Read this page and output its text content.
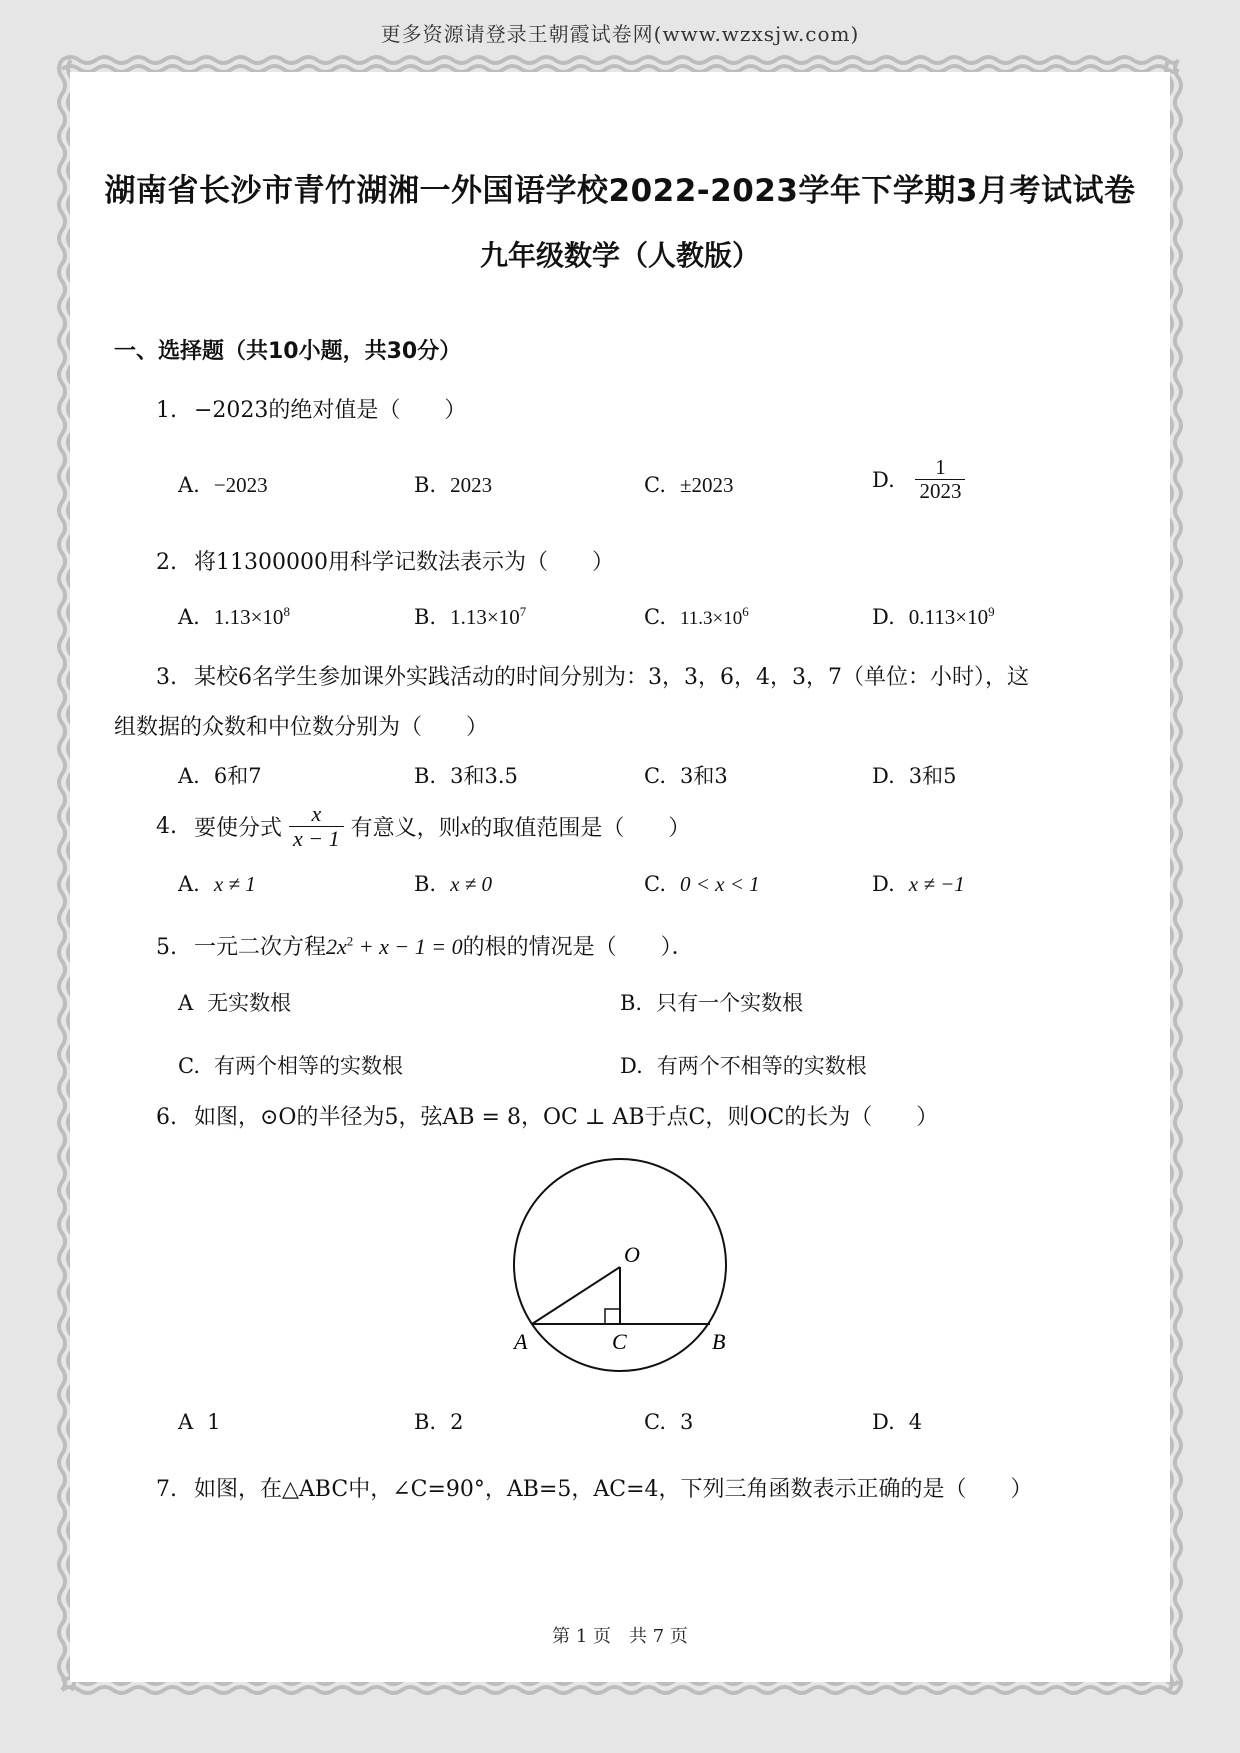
更多资源请登录王朝霞试卷网(www.wzxsjw.com)
湖南省长沙市青竹湖湘一外国语学校2022-2023学年下学期3月考试试卷
九年级数学（人教版）
一、选择题（共10小题，共30分）
1. −2023的绝对值是（　　）
A. −2023	B. 2023	C. ±2023	D. $\frac{1}{2023}$
2. 将11300000用科学记数法表示为（　　）
A. $1.13\times 10^8$	B. $1.13\times 10^7$	C. $11.3\times 10^6$	D. $0.113\times 10^9$
3. 某校6名学生参加课外实践活动的时间分别为：3，3，6，4，3，7（单位：小时），这
组数据的众数和中位数分别为（　　）
A. 6和7	B. 3和3.5	C. 3和3	D. 3和5
4. 要使分式 $\frac{x}{x - 1}$ 有意义，则x的取值范围是（　　）
A. x ≠ 1	B. x ≠ 0	C. 0 < x < 1	D. x ≠ −1
5. 一元二次方程$2x^2 + x - 1 = 0$的根的情况是（　　）．
A 无实数根	B. 只有一个实数根
C. 有两个相等的实数根	D. 有两个不相等的实数根
6. 如图，⊙O的半径为5，弦AB = 8，OC ⊥ AB于点C，则OC的长为（　　）
O
A	C	B
A 1	B. 2	C. 3	D. 4
7. 如图，在△ABC中，∠C=90°，AB=5，AC=4，下列三角函数表示正确的是（　　）
第 1 页　共 7 页
